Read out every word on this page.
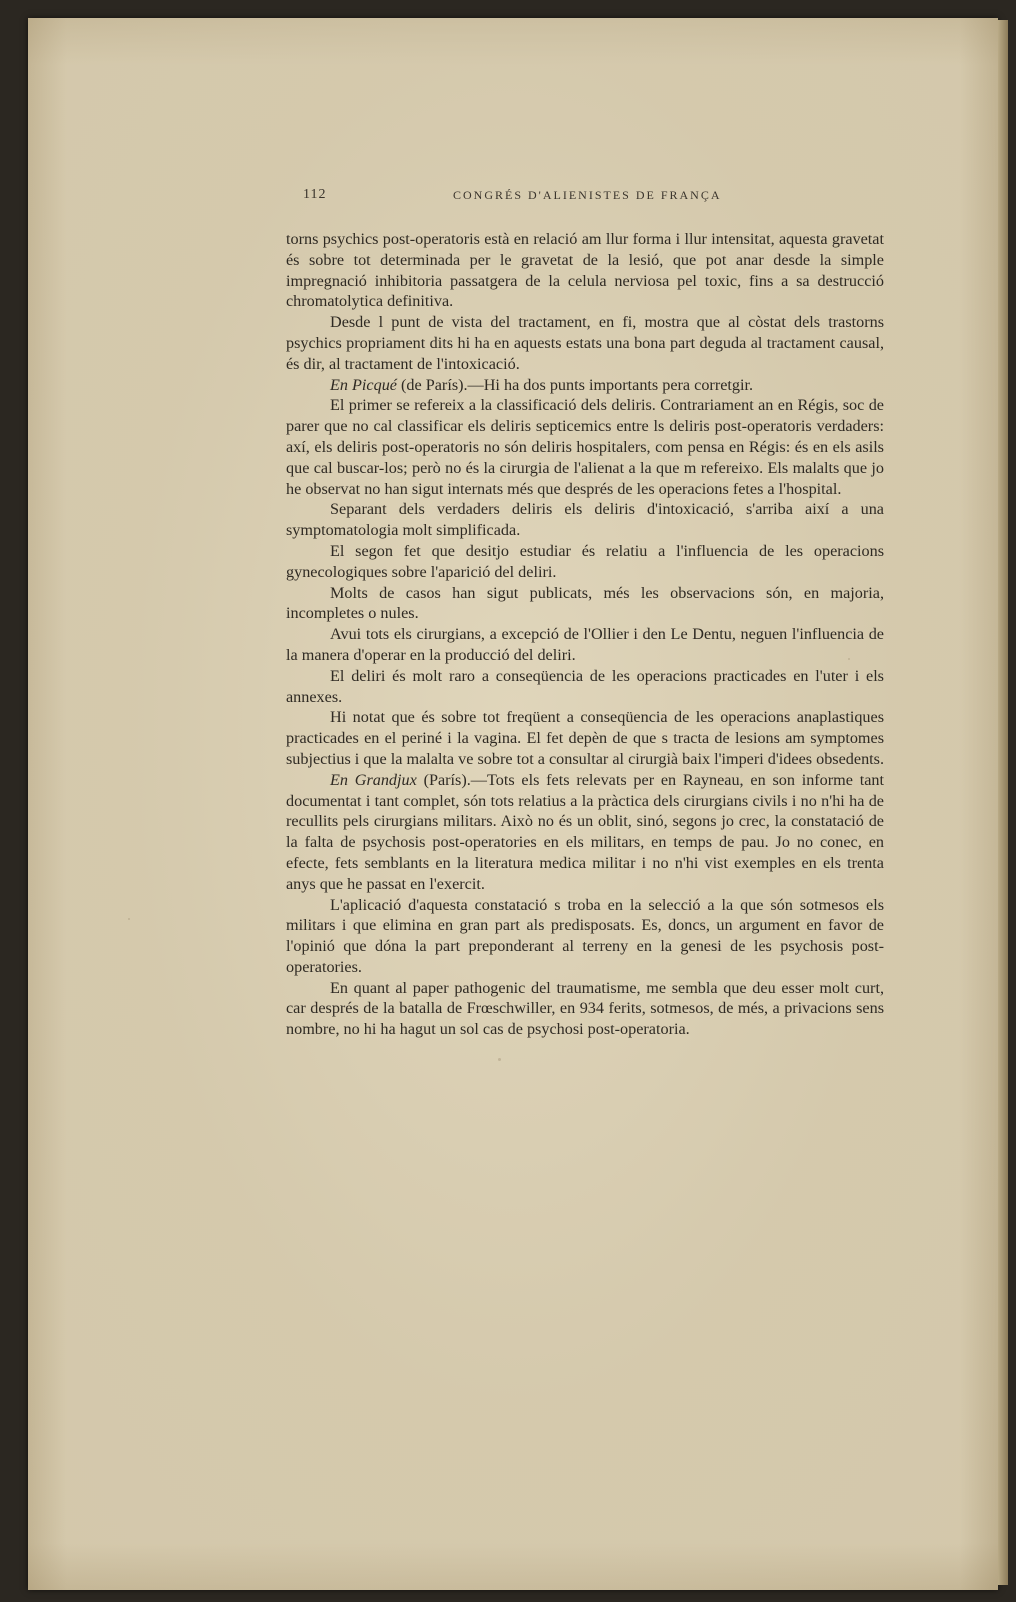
112	CONGRÉS D'ALIENISTES DE FRANÇA

torns psychics post-operatoris està en relació am llur forma i llur intensitat, aquesta gravetat és sobre tot determinada per le gravetat de la lesió, que pot anar desde la simple impregnació inhibitoria passatgera de la celula nerviosa pel toxic, fins a sa destrucció chromatolytica definitiva.

Desde l punt de vista del tractament, en fi, mostra que al còstat dels trastorns psychics propriament dits hi ha en aquests estats una bona part deguda al tractament causal, és dir, al tractament de l'intoxicació.

En Picqué (de París).—Hi ha dos punts importants pera corretgir.

El primer se refereix a la classificació dels deliris. Contrariament an en Régis, soc de parer que no cal classificar els deliris septicemics entre ls deliris post-operatoris verdaders: axí, els deliris post-operatoris no són deliris hospitalers, com pensa en Régis: és en els asils que cal buscar-los; però no és la cirurgia de l'alienat a la que m refereixo. Els malalts que jo he observat no han sigut internats més que després de les operacions fetes a l'hospital.

Separant dels verdaders deliris els deliris d'intoxicació, s'arriba així a una symptomatologia molt simplificada.

El segon fet que desitjo estudiar és relatiu a l'influencia de les operacions gynecologiques sobre l'aparició del deliri.

Molts de casos han sigut publicats, més les observacions són, en majoria, incompletes o nules.

Avui tots els cirurgians, a excepció de l'Ollier i den Le Dentu, neguen l'influencia de la manera d'operar en la producció del deliri.

El deliri és molt raro a conseqüencia de les operacions practicades en l'uter i els annexes.

Hi notat que és sobre tot freqüent a conseqüencia de les operacions anaplastiques practicades en el periné i la vagina. El fet depèn de que s tracta de lesions am symptomes subjectius i que la malalta ve sobre tot a consultar al cirurgià baix l'imperi d'idees obsedents.

En Grandjux (París).—Tots els fets relevats per en Rayneau, en son informe tant documentat i tant complet, són tots relatius a la pràctica dels cirurgians civils i no n'hi ha de recullits pels cirurgians militars. Això no és un oblit, sinó, segons jo crec, la constatació de la falta de psychosis post-operatories en els militars, en temps de pau. Jo no conec, en efecte, fets semblants en la literatura medica militar i no n'hi vist exemples en els trenta anys que he passat en l'exercit.

L'aplicació d'aquesta constatació s troba en la selecció a la que són sotmesos els militars i que elimina en gran part als predisposats. Es, doncs, un argument en favor de l'opinió que dóna la part preponderant al terreny en la genesi de les psychosis post-operatories.

En quant al paper pathogenic del traumatisme, me sembla que deu esser molt curt, car després de la batalla de Frœschwiller, en 934 ferits, sotmesos, de més, a privacions sens nombre, no hi ha hagut un sol cas de psychosi post-operatoria.
